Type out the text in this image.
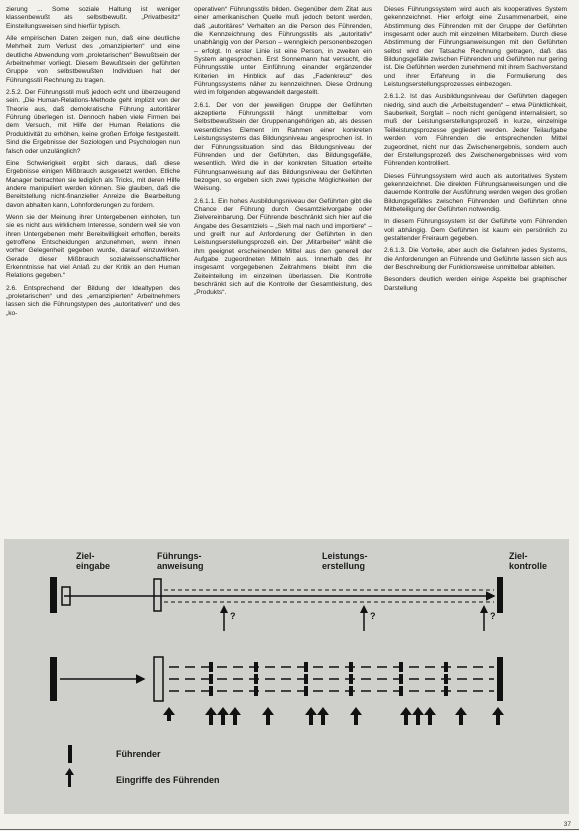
zierung ... Some soziale Haltung ist weniger klassenbewußt als selbstbewußt. „Privatbesitz“ Einstellungsweisen sind hierfür typisch.

Alle empirischen Daten zeigen nun, daß eine deutliche Mehrheit zum Verlust des „omanzipierten“ und eine deutliche Abwendung vom „proletarischen“ Bewußtsein der Arbeitnehmer vorliegt. Diesem Bewußtsein der geführten Gruppe von selbstbewußten Individuen hat der Führungsstil Rechnung zu tragen.

2.5.2. Der Führungsstil muß jedoch echt und überzeugend sein. „Die Human-Relations-Methode geht implizit von der Theorie aus, daß demokratische Führung autoritärer Führung überlegen ist. Dennoch haben viele Firmen bei dem Versuch, mit Hilfe der Human Relations die Produktivität zu erhöhen, keine großen Erfolge festgestellt. Sind die Ergebnisse der Soziologen und Psychologen nun falsch oder unzulänglich?

Eine Schwierigkeit ergibt sich daraus, daß diese Ergebnisse einigen Mißbrauch ausgesetzt werden. Etliche Manager betrachten sie lediglich als Tricks, mit deren Hilfe andere manipuliert werden können. Sie glauben, daß die Bereitstellung nicht-finanzieller Anreize die Bearbeitung davon abhalten kann, Lohnforderungen zu fordern.

Wenn sie der Meinung ihrer Untergebenen einholen, tun sie es nicht aus wirklichem Interesse, sondern weil sie von ihren Untergebenen mehr Bereitwilligkeit erhoffen, bereits getroffene Entscheidungen anzunehmen, wenn ihnen vorher Gelegenheit gegeben wurde, darauf einzuwirken. Gerade dieser Mißbrauch sozialwissenschaftlicher Erkenntnisse hat viel Anlaß zu der Kritik an den Human Relations gegeben.“

2.6. Entsprechend der Bildung der Idealtypen des „proletarischen“ und des „emanzipierten“ Arbeitnehmers lassen sich die Führungstypen des „autoritativen“ und des „ko-

operativen“ Führungsstils bilden. Gegenüber dem Zitat aus einer amerikanischen Quelle muß jedoch betont werden, daß „autoritäres“ Verhalten an die Person des Führenden, die Kennzeichnung des Führungsstils als „autoritativ“ unabhängig von der Person – wenngleich personenbezogen – erfolgt. In erster Linie ist eine Person, in zweiten ein System angesprochen. Erst Sonnemann hat versucht, die Führungsstile unter Einführung einander ergänzender Kriterien im Hinblick auf das „Fadenkreuz“ des Führungssystems näher zu kennzeichnen. Diese Ordnung wird im folgenden abgewandelt dargestellt.

2.6.1. Der von der jeweiligen Gruppe der Geführten akzeptierte Führungsstil hängt unmittelbar vom Selbstbewußtsein der Gruppenangehörigen ab, als dessen wesentliches Element im Rahmen einer konkreten Leistungssystems das Bildungsniveau angesprochen ist. In der Führungssituation sind das Bildungsniveau der Führenden und der Geführten, das Bildungsgefälle, wesentlich. Wird die in der konkreten Situation erteilte Führungsanweisung auf das Bildungsniveau der Geführten bezogen, so ergeben sich zwei typische Möglichkeiten der Weisung.

2.6.1.1. Ein hohes Ausbildungsniveau der Geführten gibt die Chance der Führung durch Gesamtzielvorgabe oder Zielvereinbarung. Der Führende beschränkt sich hier auf die Angabe des Gesamtziels – „Sieh mal nach und importiere“ – und greift nur auf Anforderung der Geführten in den Leistungserstellungsprozeß ein. Der „Mitarbeiter“ wählt die ihm geeignet erscheinenden Mittel aus den generell der Aufgabe zugeordneten Mitteln aus. Innerhalb des ihr insgesamt vorgegebenen Zeitrahmens bleibt ihm die Zeiteinteilung im einzelnen überlassen. Die Kontrolle beschränkt sich auf die Kontrolle der Gesamtleistung, des „Produkts“.

Dieses Führungssystem wird auch als kooperatives System gekennzeichnet. Hier erfolgt eine Zusammenarbeit, eine Abstimmung des Führenden mit der Gruppe der Geführten insgesamt oder auch mit einzelnen Mitarbeitern. Durch diese Abstimmung der Führungsanweisungen mit den Geführten selbst wird der Tatsache Rechnung getragen, daß das Bildungsgefälle zwischen Führenden und Geführten nur gering ist. Die Geführten werden zunehmend mit ihrem Sachverstand und ihrer Erfahrung in die Formulierung des Leistungserstellungsprozesses einbezogen.

2.6.1.2. Ist das Ausbildungsniveau der Geführten dagegen niedrig, sind auch die „Arbeitstugenden“ – etwa Pünktlichkeit, Sauberkeit, Sorgfalt – noch nicht genügend internalisiert, so muß der Leistungserstellungsprozeß in kurze, einzelnige Teilleistungsprozesse gegliedert werden. Jeder Teilaufgabe werden vom Führenden die entsprechenden Mittel zugeordnet, nicht nur das Zwischenergebnis, sondern auch der Erstellungsprozeß des Zwischenergebnisses wird vom Führenden kontrolliert.

Dieses Führungssystem wird auch als autoritatives System gekennzeichnet. Die direkten Führungsanweisungen und die dauernde Kontrolle der Ausführung werden wegen des großen Bildungsgefälles zwischen Führenden und Geführten ohne Mitbeteiligung der Geführten notwendig.

In diesem Führungssystem ist der Geführte vom Führenden voll abhängig. Dem Geführten ist kaum ein persönlich zu gestaltender Freiraum gegeben.

2.6.1.3. Die Vorteile, aber auch die Gefahren jedes Systems, die Anforderungen an Führende und Geführte lassen sich aus der Beschreibung der Funktionsweise unmittelbar ableiten.

Besonders deutlich werden einige Aspekte bei graphischer Darstellung

Ziel-
eingabe
Führungs-
anweisung
Leistungs-
erstellung
Ziel-
kontrolle
?	?	?
Führender
Eingriffe des Führenden
37
